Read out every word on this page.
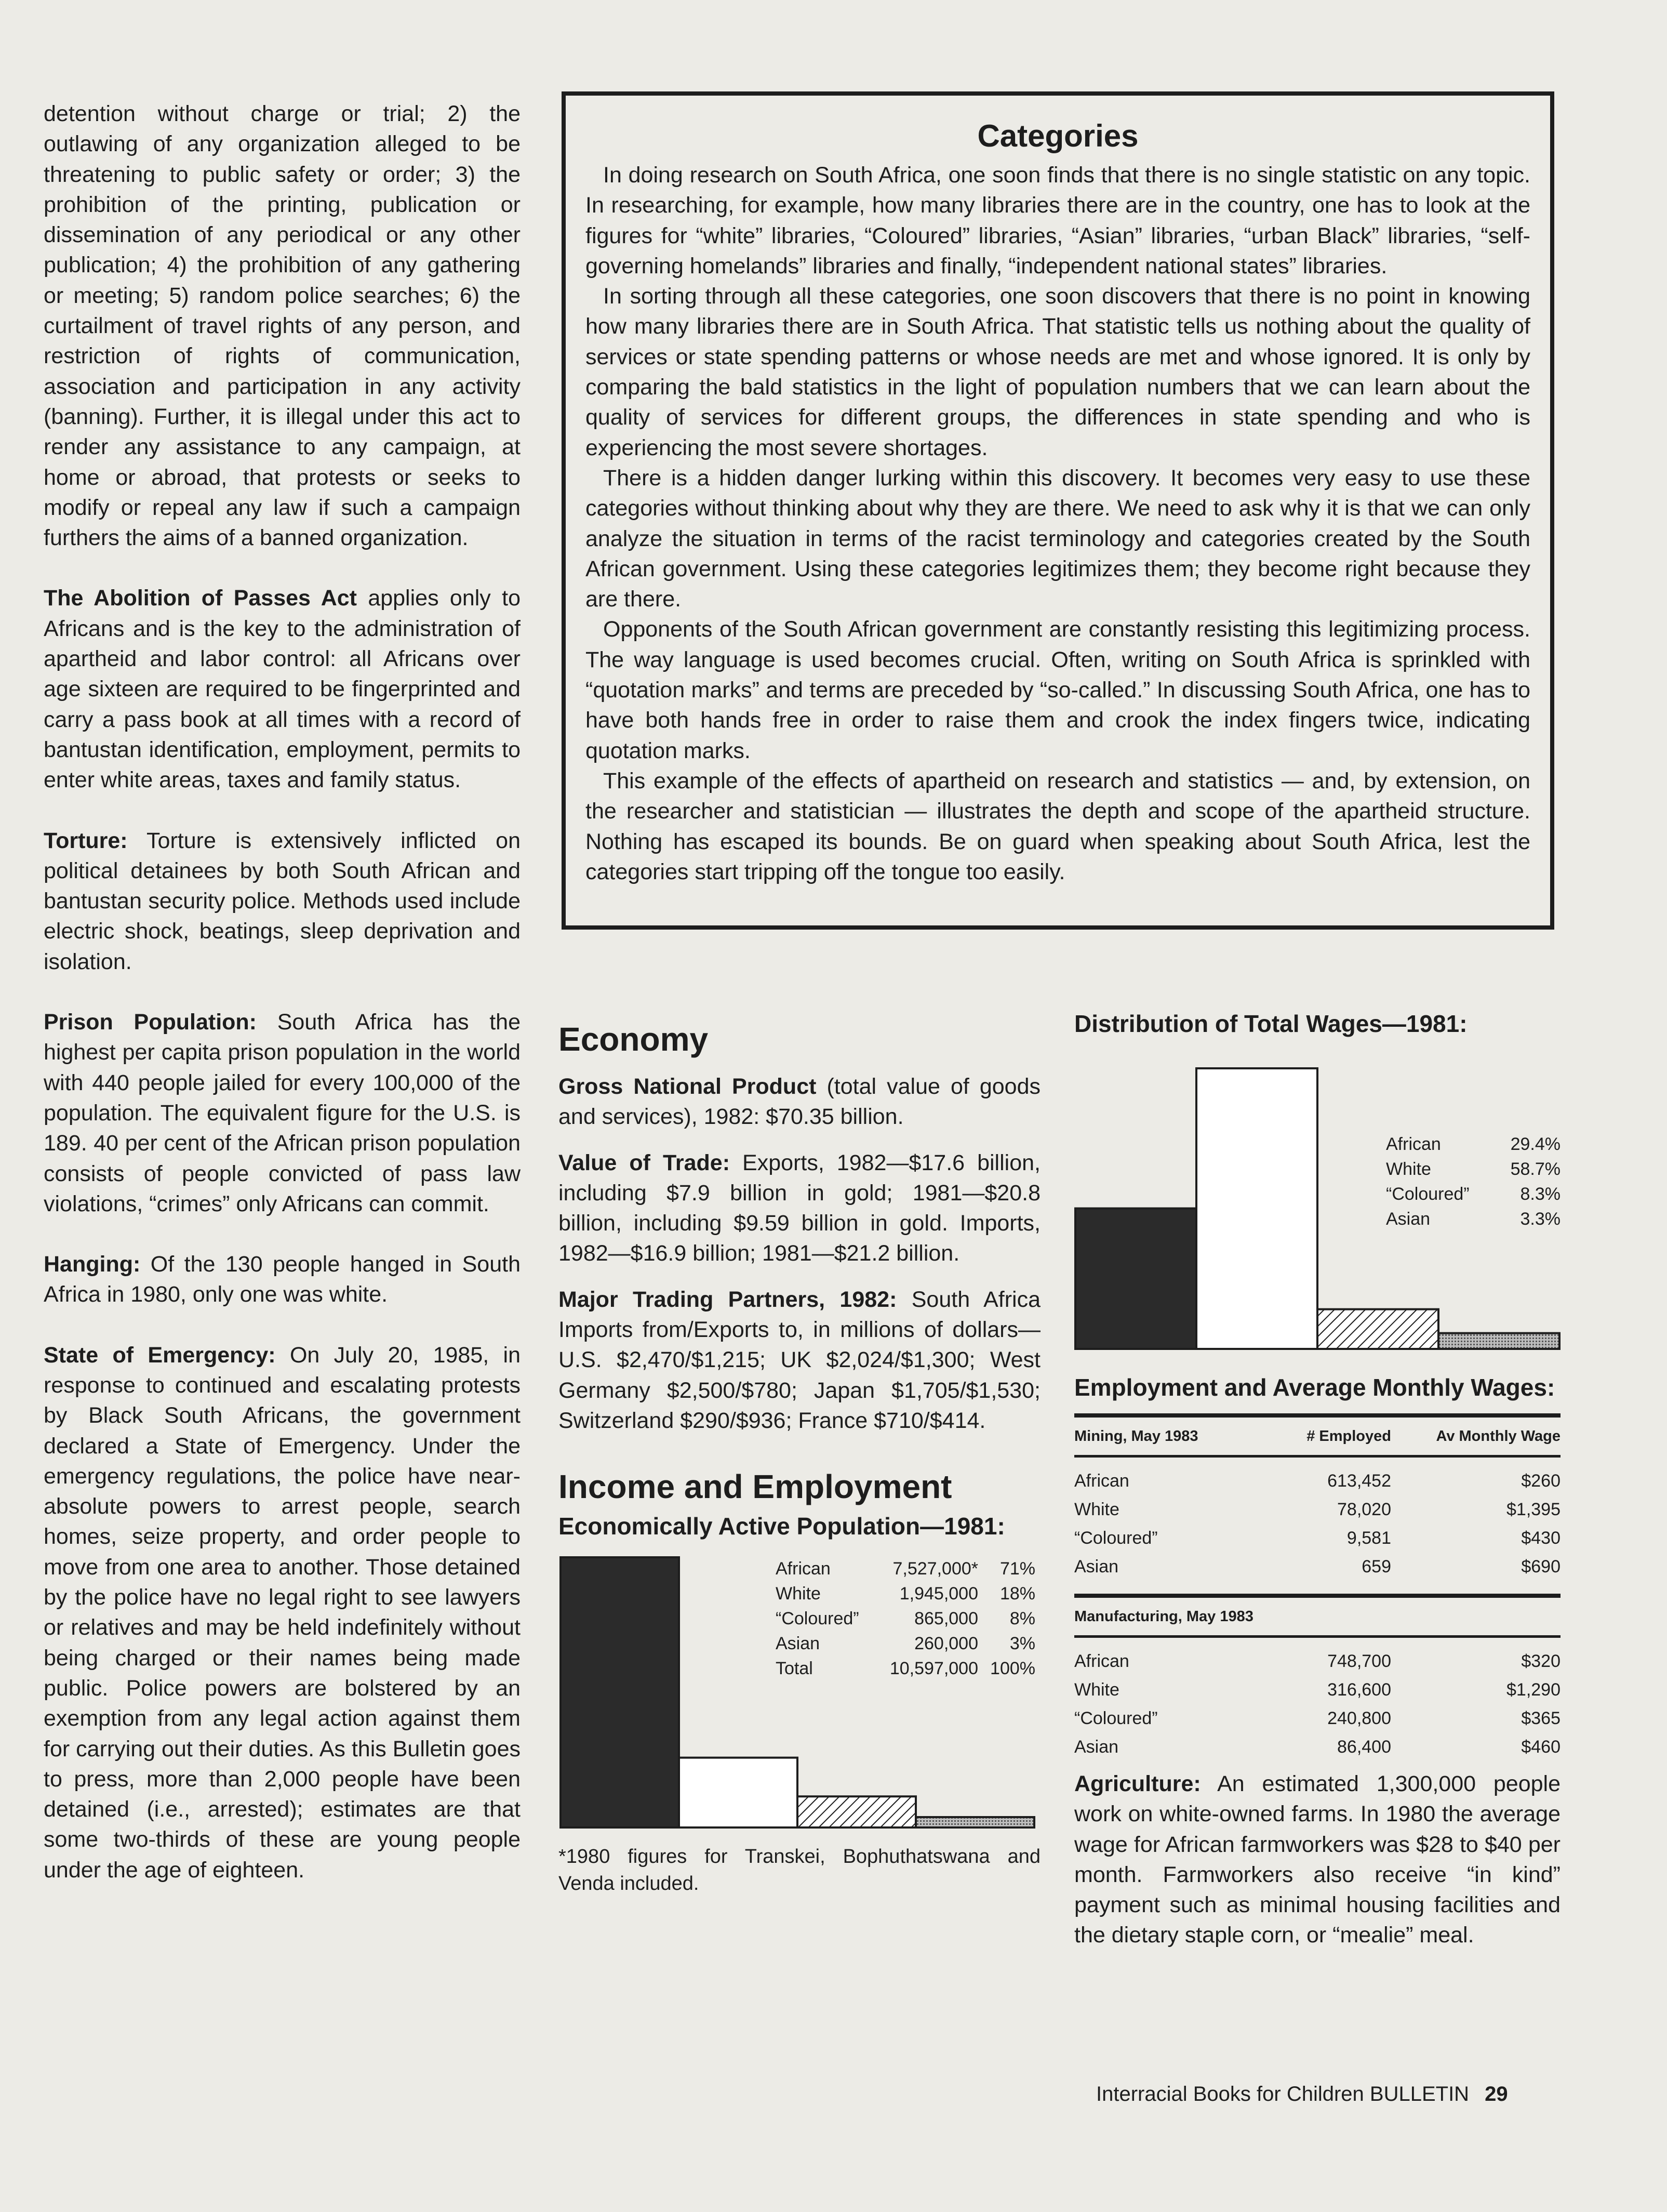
detention without charge or trial; 2) the outlawing of any organization alleged to be threatening to public safety or order; 3) the prohibition of the printing, publication or dissemination of any periodical or any other publication; 4) the prohibition of any gathering or meeting; 5) random police searches; 6) the curtailment of travel rights of any person, and restriction of rights of communication, association and participation in any activity (banning). Further, it is illegal under this act to render any assistance to any campaign, at home or abroad, that protests or seeks to modify or repeal any law if such a campaign furthers the aims of a banned organization.

The Abolition of Passes Act applies only to Africans and is the key to the administration of apartheid and labor control: all Africans over age sixteen are required to be fingerprinted and carry a pass book at all times with a record of bantustan identification, employment, permits to enter white areas, taxes and family status.

Torture: Torture is extensively inflicted on political detainees by both South African and bantustan security police. Methods used include electric shock, beatings, sleep deprivation and isolation.

Prison Population: South Africa has the highest per capita prison population in the world with 440 people jailed for every 100,000 of the population. The equivalent figure for the U.S. is 189. 40 per cent of the African prison population consists of people convicted of pass law violations, “crimes” only Africans can commit.

Hanging: Of the 130 people hanged in South Africa in 1980, only one was white.

State of Emergency: On July 20, 1985, in response to continued and escalating protests by Black South Africans, the government declared a State of Emergency. Under the emergency regulations, the police have near-absolute powers to arrest people, search homes, seize property, and order people to move from one area to another. Those detained by the police have no legal right to see lawyers or relatives and may be held indefinitely without being charged or their names being made public. Police powers are bolstered by an exemption from any legal action against them for carrying out their duties. As this Bulletin goes to press, more than 2,000 people have been detained (i.e., arrested); estimates are that some two-thirds of these are young people under the age of eighteen.

Categories

In doing research on South Africa, one soon finds that there is no single statistic on any topic. In researching, for example, how many libraries there are in the country, one has to look at the figures for “white” libraries, “Coloured” libraries, “Asian” libraries, “urban Black” libraries, “self-governing homelands” libraries and finally, “independent national states” libraries.

In sorting through all these categories, one soon discovers that there is no point in knowing how many libraries there are in South Africa. That statistic tells us nothing about the quality of services or state spending patterns or whose needs are met and whose ignored. It is only by comparing the bald statistics in the light of population numbers that we can learn about the quality of services for different groups, the differences in state spending and who is experiencing the most severe shortages.

There is a hidden danger lurking within this discovery. It becomes very easy to use these categories without thinking about why they are there. We need to ask why it is that we can only analyze the situation in terms of the racist terminology and categories created by the South African government. Using these categories legitimizes them; they become right because they are there.

Opponents of the South African government are constantly resisting this legitimizing process. The way language is used becomes crucial. Often, writing on South Africa is sprinkled with “quotation marks” and terms are preceded by “so-called.” In discussing South Africa, one has to have both hands free in order to raise them and crook the index fingers twice, indicating quotation marks.

This example of the effects of apartheid on research and statistics — and, by extension, on the researcher and statistician — illustrates the depth and scope of the apartheid structure. Nothing has escaped its bounds. Be on guard when speaking about South Africa, lest the categories start tripping off the tongue too easily.

Economy

Gross National Product (total value of goods and services), 1982: $70.35 billion.

Value of Trade: Exports, 1982—$17.6 billion, including $7.9 billion in gold; 1981—$20.8 billion, including $9.59 billion in gold. Imports, 1982—$16.9 billion; 1981—$21.2 billion.

Major Trading Partners, 1982: South Africa Imports from/Exports to, in millions of dollars—U.S. $2,470/$1,215; UK $2,024/$1,300; West Germany $2,500/$780; Japan $1,705/$1,530; Switzerland $290/$936; France $710/$414.

Income and Employment
Economically Active Population—1981:
African	7,527,000*	71%
White	1,945,000	18%
“Coloured”	865,000	8%
Asian	260,000	3%
Total	10,597,000 100%

*1980 figures for Transkei, Bophuthatswana and Venda included.

Distribution of Total Wages—1981:
African	29.4%
White	58.7%
“Coloured”	8.3%
Asian	3.3%
Employment and Average Monthly Wages:
Mining, May 1983	# Employed	Av Monthly Wage
African	613,452	$260
White	78,020	$1,395
“Coloured”	9,581	$430
Asian	659	$690
Manufacturing, May 1983
African	748,700	$320
White	316,600	$1,290
“Coloured”	240,800	$365
Asian	86,400	$460

Agriculture: An estimated 1,300,000 people work on white-owned farms. In 1980 the average wage for African farmworkers was $28 to $40 per month. Farmworkers also receive “in kind” payment such as minimal housing facilities and the dietary staple corn, or “mealie” meal.

Interracial Books for Children BULLETIN 29
